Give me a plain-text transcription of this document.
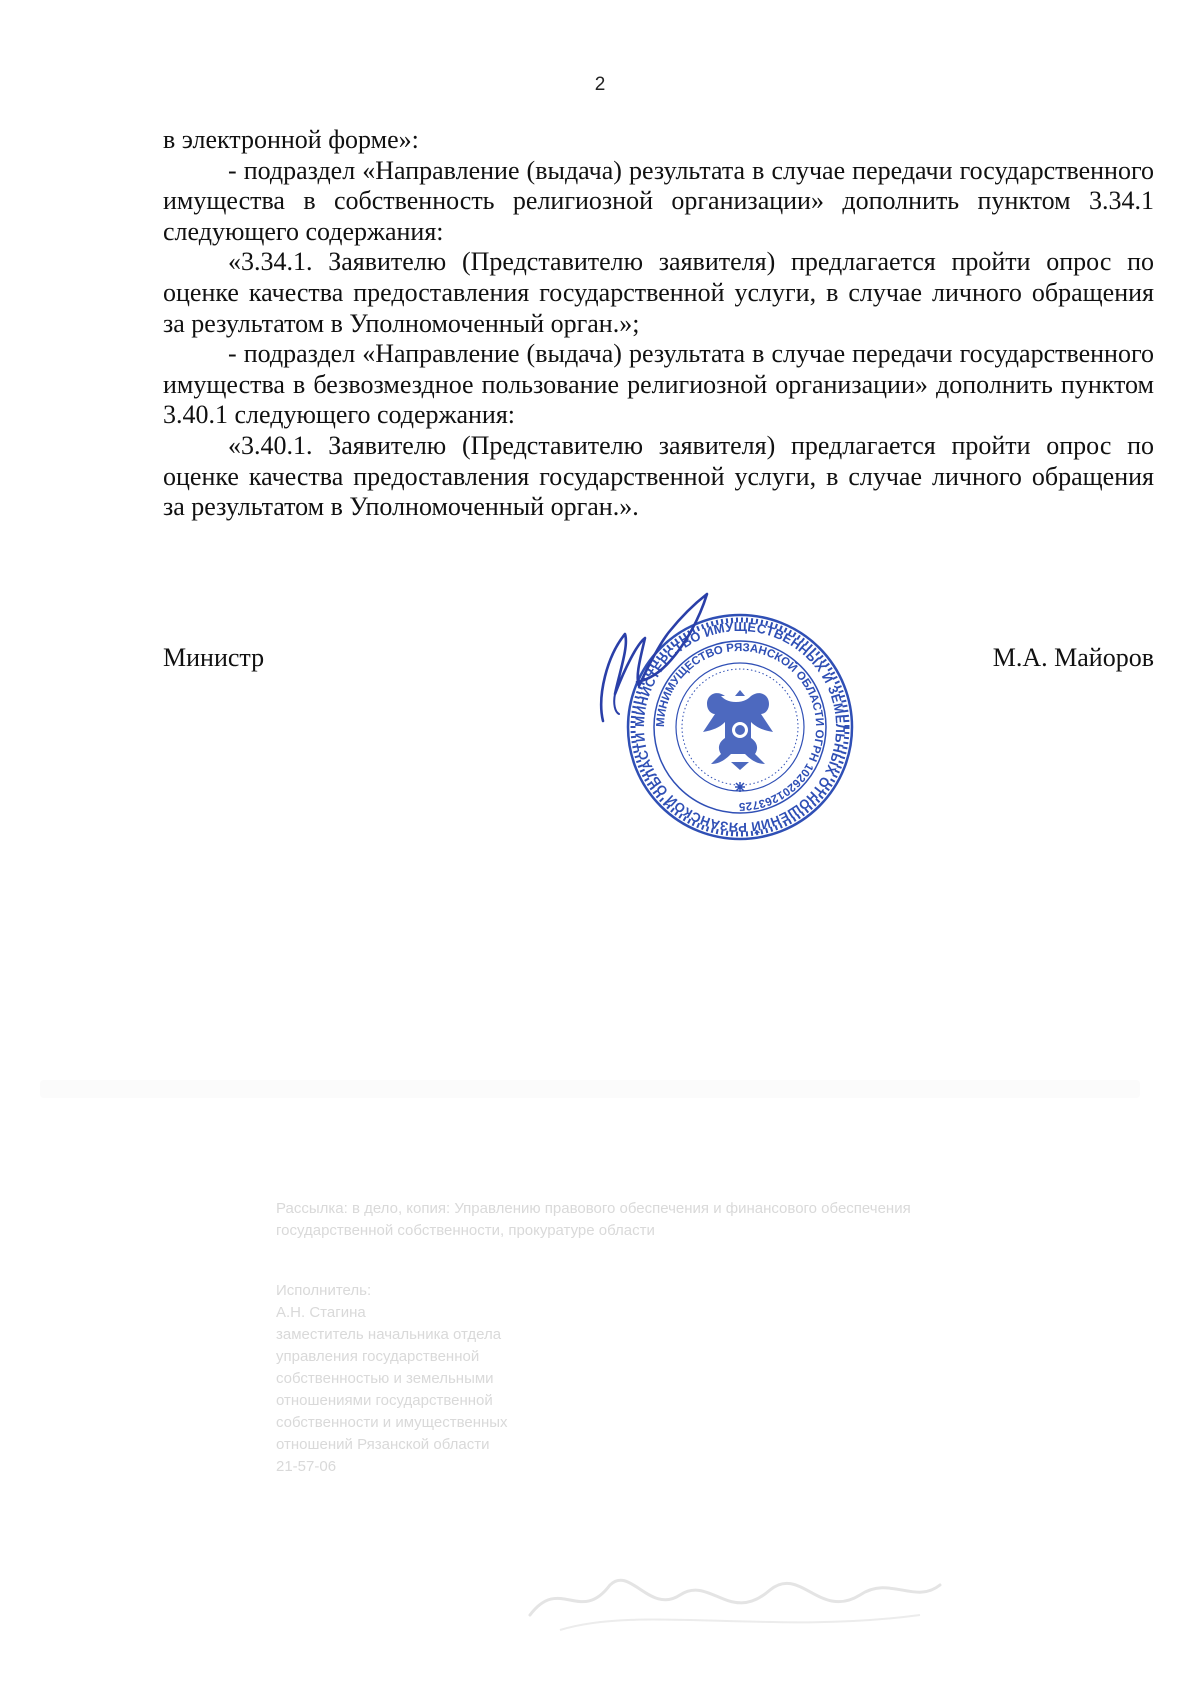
2

в электронной форме»:

- подраздел «Направление (выдача) результата в случае передачи государственного имущества в собственность религиозной организации» дополнить пунктом 3.34.1 следующего содержания:

«3.34.1. Заявителю (Представителю заявителя) предлагается пройти опрос по оценке качества предоставления государственной услуги, в случае личного обращения за результатом в Уполномоченный орган.»;

- подраздел «Направление (выдача) результата в случае передачи государственного имущества в безвозмездное пользование религиозной организации» дополнить пунктом 3.40.1 следующего содержания:

«3.40.1. Заявителю (Представителю заявителя) предлагается пройти опрос по оценке качества предоставления государственной услуги, в случае личного обращения за результатом в Уполномоченный орган.».

Министр	М.А. Майоров
МИНИСТЕРСТВО ИМУЩЕСТВЕННЫХ И ЗЕМЕЛЬНЫХ ОТНОШЕНИЙ РЯЗАНСКОЙ ОБЛАСТИ
МИНИМУЩЕСТВО РЯЗАНСКОЙ ОБЛАСТИ ОГРН 1026201263725

Рассылка: в дело, копия: Управлению правового обеспечения и финансового обеспечения

государственной собственности, прокуратуре области

Исполнитель:

А.Н. Стагина

заместитель начальника отдела

управления государственной

собственностью и земельными

отношениями государственной

собственности и имущественных

отношений Рязанской области

21-57-06
